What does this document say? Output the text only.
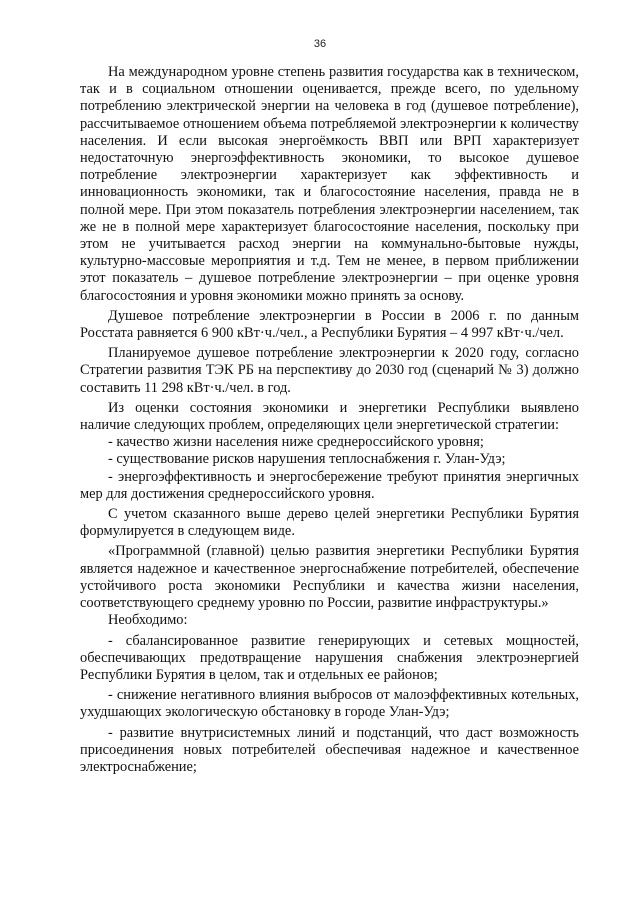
36

На международном уровне степень развития государства как в техническом, так и в социальном отношении оценивается, прежде всего, по удельному потреблению электрической энергии на человека в год (душевое потребление), рассчитываемое отношением объема потребляемой электроэнергии к количеству населения. И если высокая энергоёмкость ВВП или ВРП характеризует недостаточную энергоэффективность экономики, то высокое душевое потребление электроэнергии характеризует как эффективность и инновационность экономики, так и благосостояние населения, правда не в полной мере. При этом показатель потребления электроэнергии населением, так же не в полной мере характеризует благосостояние населения, поскольку при этом не учитывается расход энергии на коммунально-бытовые нужды, культурно-массовые мероприятия и т.д. Тем не менее, в первом приближении этот показатель – душевое потребление электроэнергии – при оценке уровня благосостояния и уровня экономики можно принять за основу.

Душевое потребление электроэнергии в России в 2006 г. по данным Росстата равняется 6 900 кВт·ч./чел., а Республики Бурятия – 4 997 кВт·ч./чел.

Планируемое душевое потребление электроэнергии к 2020 году, согласно Стратегии развития ТЭК РБ на перспективу до 2030 год (сценарий № 3) должно составить 11 298 кВт·ч./чел. в год.

Из оценки состояния экономики и энергетики Республики выявлено наличие следующих проблем, определяющих цели энергетической стратегии:

- качество жизни населения ниже среднероссийского уровня;

- существование рисков нарушения теплоснабжения г. Улан-Удэ;

- энергоэффективность и энергосбережение требуют принятия энергичных мер для достижения среднероссийского уровня.

С учетом сказанного выше дерево целей энергетики Республики Бурятия формулируется в следующем виде.

«Программной (главной) целью развития энергетики Республики Бурятия является надежное и качественное энергоснабжение потребителей, обеспечение устойчивого роста экономики Республики и качества жизни населения, соответствующего среднему уровню по России, развитие инфраструктуры.»

Необходимо:

- сбалансированное развитие генерирующих и сетевых мощностей, обеспечивающих предотвращение нарушения снабжения электроэнергией Республики Бурятия в целом, так и отдельных ее районов;

- снижение негативного влияния выбросов от малоэффективных котельных, ухудшающих экологическую обстановку в городе Улан-Удэ;

- развитие внутрисистемных линий и подстанций, что даст возможность присоединения новых потребителей обеспечивая надежное и качественное электроснабжение;
